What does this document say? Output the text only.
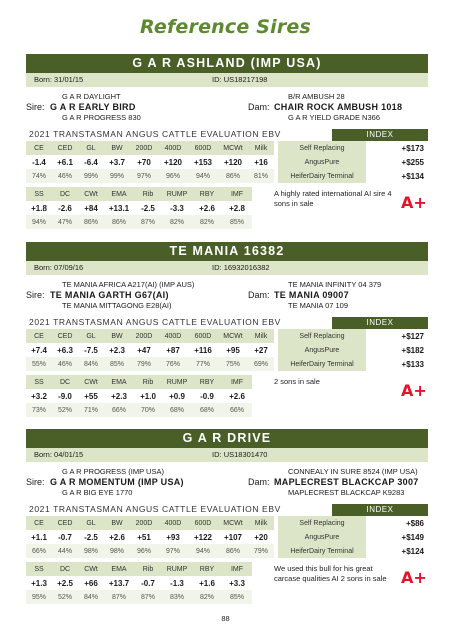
Reference Sires
G A R ASHLAND (IMP USA)
Born: 31/01/15	ID: US18217198
G A R DAYLIGHT
Sire: G A R EARLY BIRD
G A R PROGRESS 830
B/R AMBUSH 28
Dam: CHAIR ROCK AMBUSH 1018
G A R YIELD GRADE N366
2021 TRANSTASMAN ANGUS CATTLE EVALUATION EBV	INDEX
CE	CED	GL	BW	200D	400D	600D	MCWt	Milk
-1.4	+6.1	-6.4	+3.7	+70	+120	+153	+120	+16
74%	46%	99%	99%	97%	96%	94%	86%	81%
SS	DC	CWt	EMA	Rib	RUMP	RBY	IMF
+1.8	-2.6	+84	+13.1	-2.5	-3.3	+2.6	+2.8
94%	47%	86%	86%	87%	82%	82%	85%
Self Replacing	+$173
AngusPure	+$255
HeiferDairy Terminal	+$134
A highly rated international AI sire 4 sons in sale	A+
TE MANIA 16382
Born: 07/09/16	ID: 16932016382
TE MANIA AFRICA A217(AI) (IMP AUS)
Sire: TE MANIA GARTH G67(AI)
TE MANIA MITTAGONG E28(AI)
TE MANIA INFINITY 04 379
Dam: TE MANIA 09007
TE MANIA 07 109
2021 TRANSTASMAN ANGUS CATTLE EVALUATION EBV	INDEX
CE	CED	GL	BW	200D	400D	600D	MCWt	Milk
+7.4	+6.3	-7.5	+2.3	+47	+87	+116	+95	+27
55%	46%	84%	85%	79%	76%	77%	75%	69%
SS	DC	CWt	EMA	Rib	RUMP	RBY	IMF
+3.2	-9.0	+55	+2.3	+1.0	+0.9	-0.9	+2.6
73%	52%	71%	66%	70%	68%	68%	66%
Self Replacing	+$127
AngusPure	+$182
HeiferDairy Terminal	+$133
2 sons in sale	A+
G A R DRIVE
Born: 04/01/15	ID: US18301470
G A R PROGRESS (IMP USA)
Sire: G A R MOMENTUM (IMP USA)
G A R BIG EYE 1770
CONNEALY IN SURE 8524 (IMP USA)
Dam: MAPLECREST BLACKCAP 3007
MAPLECREST BLACKCAP K9283
2021 TRANSTASMAN ANGUS CATTLE EVALUATION EBV	INDEX
CE	CED	GL	BW	200D	400D	600D	MCWt	Milk
+1.1	-0.7	-2.5	+2.6	+51	+93	+122	+107	+20
66%	44%	98%	98%	96%	97%	94%	86%	79%
SS	DC	CWt	EMA	Rib	RUMP	RBY	IMF
+1.3	+2.5	+66	+13.7	-0.7	-1.3	+1.6	+3.3
95%	52%	84%	87%	87%	83%	82%	85%
Self Replacing	+$86
AngusPure	+$149
HeiferDairy Terminal	+$124
We used this bull for his great carcase qualities AI 2 sons in sale A+
88
